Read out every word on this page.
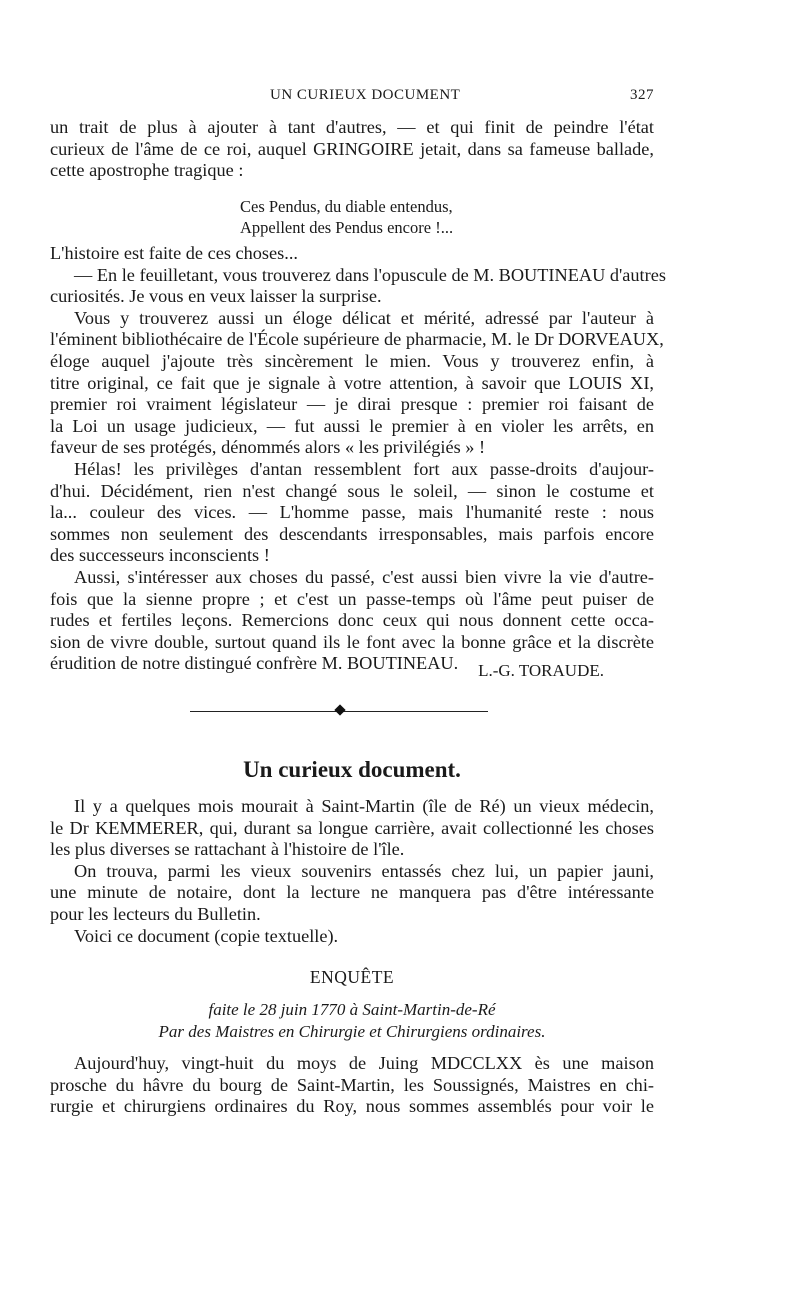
UN CURIEUX DOCUMENT	327
un trait de plus à ajouter à tant d'autres, — et qui finit de peindre l'état
curieux de l'âme de ce roi, auquel GRINGOIRE jetait, dans sa fameuse ballade,
cette apostrophe tragique :
Ces Pendus, du diable entendus,
Appellent des Pendus encore !...
L'histoire est faite de ces choses...
— En le feuilletant, vous trouverez dans l'opuscule de M. BOUTINEAU d'autres
curiosités. Je vous en veux laisser la surprise.
Vous y trouverez aussi un éloge délicat et mérité, adressé par l'auteur à
l'éminent bibliothécaire de l'École supérieure de pharmacie, M. le Dr DORVEAUX,
éloge auquel j'ajoute très sincèrement le mien. Vous y trouverez enfin, à
titre original, ce fait que je signale à votre attention, à savoir que LOUIS XI,
premier roi vraiment législateur — je dirai presque : premier roi faisant de
la Loi un usage judicieux, — fut aussi le premier à en violer les arrêts, en
faveur de ses protégés, dénommés alors « les privilégiés » !
Hélas! les privilèges d'antan ressemblent fort aux passe-droits d'aujour-
d'hui. Décidément, rien n'est changé sous le soleil, — sinon le costume et
la... couleur des vices. — L'homme passe, mais l'humanité reste : nous
sommes non seulement des descendants irresponsables, mais parfois encore
des successeurs inconscients !
Aussi, s'intéresser aux choses du passé, c'est aussi bien vivre la vie d'autre-
fois que la sienne propre ; et c'est un passe-temps où l'âme peut puiser de
rudes et fertiles leçons. Remercions donc ceux qui nous donnent cette occa-
sion de vivre double, surtout quand ils le font avec la bonne grâce et la discrète
érudition de notre distingué confrère M. BOUTINEAU.	L.-G. TORAUDE.
Un curieux document.
Il y a quelques mois mourait à Saint-Martin (île de Ré) un vieux médecin,
le Dr KEMMERER, qui, durant sa longue carrière, avait collectionné les choses
les plus diverses se rattachant à l'histoire de l'île.
On trouva, parmi les vieux souvenirs entassés chez lui, un papier jauni,
une minute de notaire, dont la lecture ne manquera pas d'être intéressante
pour les lecteurs du Bulletin.
Voici ce document (copie textuelle).
ENQUÊTE
faite le 28 juin 1770 à Saint-Martin-de-Ré
Par des Maistres en Chirurgie et Chirurgiens ordinaires.
Aujourd'huy, vingt-huit du moys de Juing MDCCLXX ès une maison
prosche du hâvre du bourg de Saint-Martin, les Soussignés, Maistres en chi-
rurgie et chirurgiens ordinaires du Roy, nous sommes assemblés pour voir le
